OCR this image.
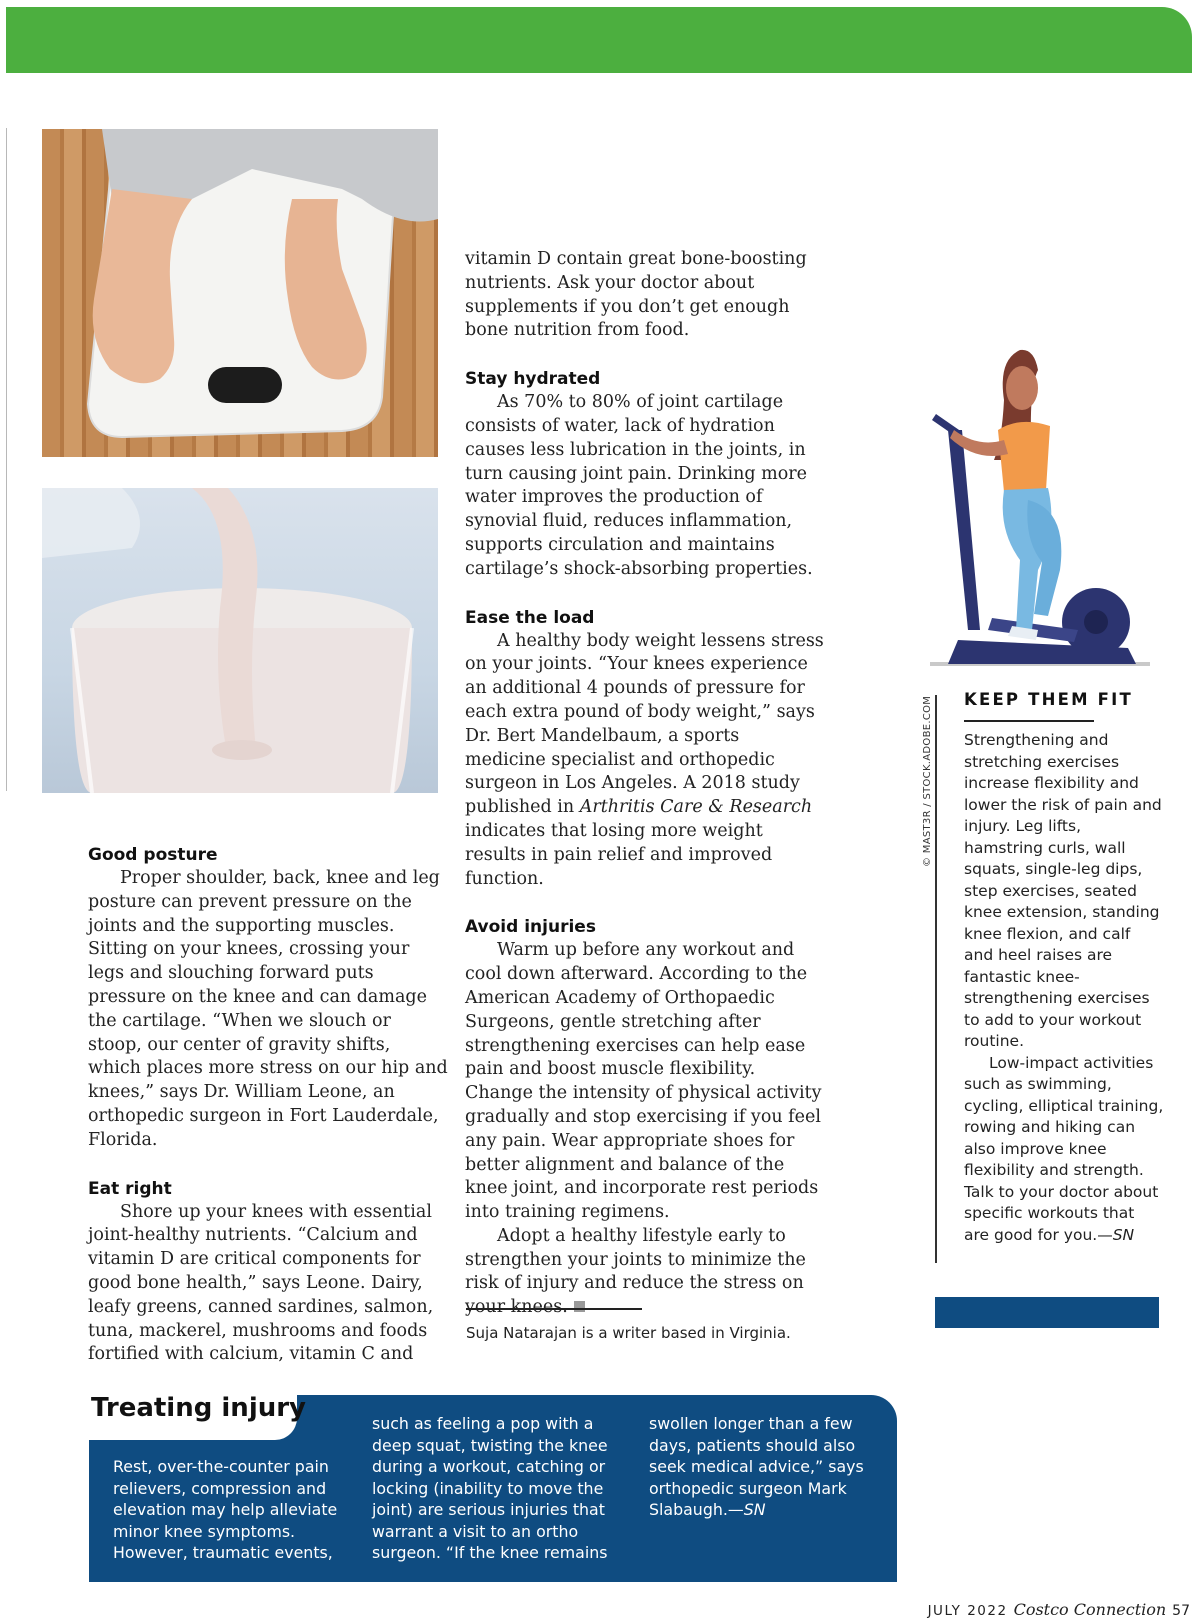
Good posture

Proper shoulder, back, knee and leg posture can prevent pressure on the joints and the supporting muscles. Sitting on your knees, crossing your legs and slouching forward puts pressure on the knee and can damage the cartilage. “When we slouch or stoop, our center of gravity shifts, which places more stress on our hip and knees,” says Dr. William Leone, an orthopedic surgeon in Fort Lauderdale, Florida.

Eat right

Shore up your knees with essential joint-healthy nutrients. “Calcium and vitamin D are critical components for good bone health,” says Leone. Dairy, leafy greens, canned sardines, salmon, tuna, mackerel, mushrooms and foods fortified with calcium, vitamin C and

vitamin D contain great bone-boosting nutrients. Ask your doctor about supplements if you don’t get enough bone nutrition from food.

Stay hydrated

As 70% to 80% of joint cartilage consists of water, lack of hydration causes less lubrication in the joints, in turn causing joint pain. Drinking more water improves the production of synovial fluid, reduces inflammation, supports circulation and maintains cartilage’s shock-absorbing properties.

Ease the load

A healthy body weight lessens stress on your joints. “Your knees experience an additional 4 pounds of pressure for each extra pound of body weight,” says Dr. Bert Mandelbaum, a sports medicine specialist and orthopedic surgeon in Los Angeles. A 2018 study published in Arthritis Care & Research indicates that losing more weight results in pain relief and improved function.

Avoid injuries

Warm up before any workout and cool down afterward. According to the American Academy of Orthopaedic Surgeons, gentle stretching after strengthening exercises can help ease pain and boost muscle flexibility. Change the intensity of physical activity gradually and stop exercising if you feel any pain. Wear appropriate shoes for better alignment and balance of the knee joint, and incorporate rest periods into training regimens.

Adopt a healthy lifestyle early to strengthen your joints to minimize the risk of injury and reduce the stress on

Suja Natarajan is a writer based in Virginia.
© MAST3R / STOCK.ADOBE.COM KEEP THEM FIT

Strengthening and stretching exercises increase flexibility and lower the risk of pain and injury. Leg lifts, hamstring curls, wall squats, single-leg dips, step exercises, seated knee extension, standing knee flexion, and calf and heel raises are fantastic knee-strengthening exercises to add to your workout routine.

Low-impact activities such as swimming, cycling, elliptical training, rowing and hiking can also improve knee flexibility and strength. Talk to your doctor about specific workouts that are good for you.—SN

Treating injury
Rest, over-the-counter pain relievers, compression and elevation may help alleviate minor knee symptoms. However, traumatic events,
such as feeling a pop with a deep squat, twisting the knee during a workout, catching or locking (inability to move the joint) are serious injuries that warrant a visit to an ortho surgeon. “If the knee remains
swollen longer than a few days, patients should also seek medical advice,” says orthopedic surgeon Mark Slabaugh.—SN
JULY 2022 Costco Connection 57
